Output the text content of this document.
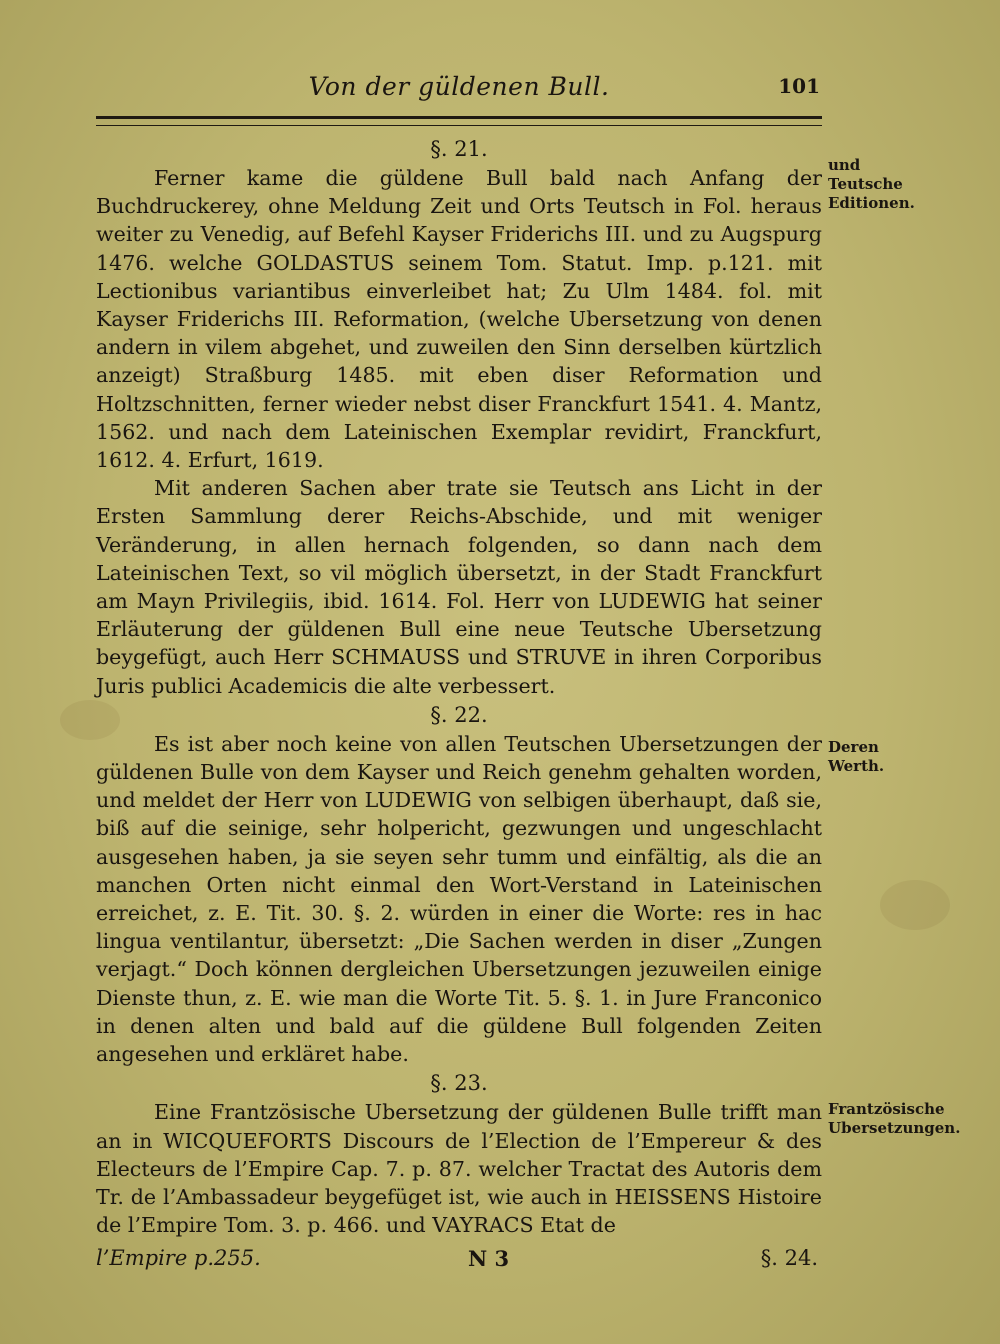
Von der güldenen Bull.	101

§. 21.

Ferner kame die güldene Bull bald nach Anfang der Buchdruckerey, ohne Meldung Zeit und Orts Teutsch in Fol. heraus weiter zu Venedig, auf Befehl Kayser Friderichs III. und zu Augspurg 1476. welche GOLDASTUS seinem Tom. Statut. Imp. p.121. mit Lectionibus variantibus einverleibet hat; Zu Ulm 1484. fol. mit Kayser Friderichs III. Reformation, (welche Ubersetzung von denen andern in vilem abgehet, und zuweilen den Sinn derselben kürtzlich anzeigt) Straßburg 1485. mit eben diser Reformation und Holtzschnitten, ferner wieder nebst diser Franckfurt 1541. 4. Mantz, 1562. und nach dem Lateinischen Exemplar revidirt, Franckfurt, 1612. 4. Erfurt, 1619.

Mit anderen Sachen aber trate sie Teutsch ans Licht in der Ersten Sammlung derer Reichs-Abschide, und mit weniger Veränderung, in allen hernach folgenden, so dann nach dem Lateinischen Text, so vil möglich übersetzt, in der Stadt Franckfurt am Mayn Privilegiis, ibid. 1614. Fol. Herr von LUDEWIG hat seiner Erläuterung der güldenen Bull eine neue Teutsche Ubersetzung beygefügt, auch Herr SCHMAUSS und STRUVE in ihren Corporibus Juris publici Academicis die alte verbessert.

§. 22.

Es ist aber noch keine von allen Teutschen Ubersetzungen der güldenen Bulle von dem Kayser und Reich genehm gehalten worden, und meldet der Herr von LUDEWIG von selbigen überhaupt, daß sie, biß auf die seinige, sehr holpericht, gezwungen und ungeschlacht ausgesehen haben, ja sie seyen sehr tumm und einfältig, als die an manchen Orten nicht einmal den Wort-Verstand in Lateinischen erreichet, z. E. Tit. 30. §. 2. würden in einer die Worte: res in hac lingua ventilantur, übersetzt: „Die Sachen werden in diser „Zungen verjagt.“ Doch können dergleichen Ubersetzungen jezuweilen einige Dienste thun, z. E. wie man die Worte Tit. 5. §. 1. in Jure Franconico in denen alten und bald auf die güldene Bull folgenden Zeiten angesehen und erkläret habe.

§. 23.

Eine Frantzösische Ubersetzung der güldenen Bulle trifft man an in WICQUEFORTS Discours de l’Election de l’Empereur & des Electeurs de l’Empire Cap. 7. p. 87. welcher Tractat des Autoris dem Tr. de l’Ambassadeur beygefüget ist, wie auch in HEISSENS Histoire de l’Empire Tom. 3. p. 466. und VAYRACS Etat de

und Teutsche Editionen.
Deren Werth.
Frantzösische Ubersetzungen.
l’Empire p.255.	N 3	§. 24.
